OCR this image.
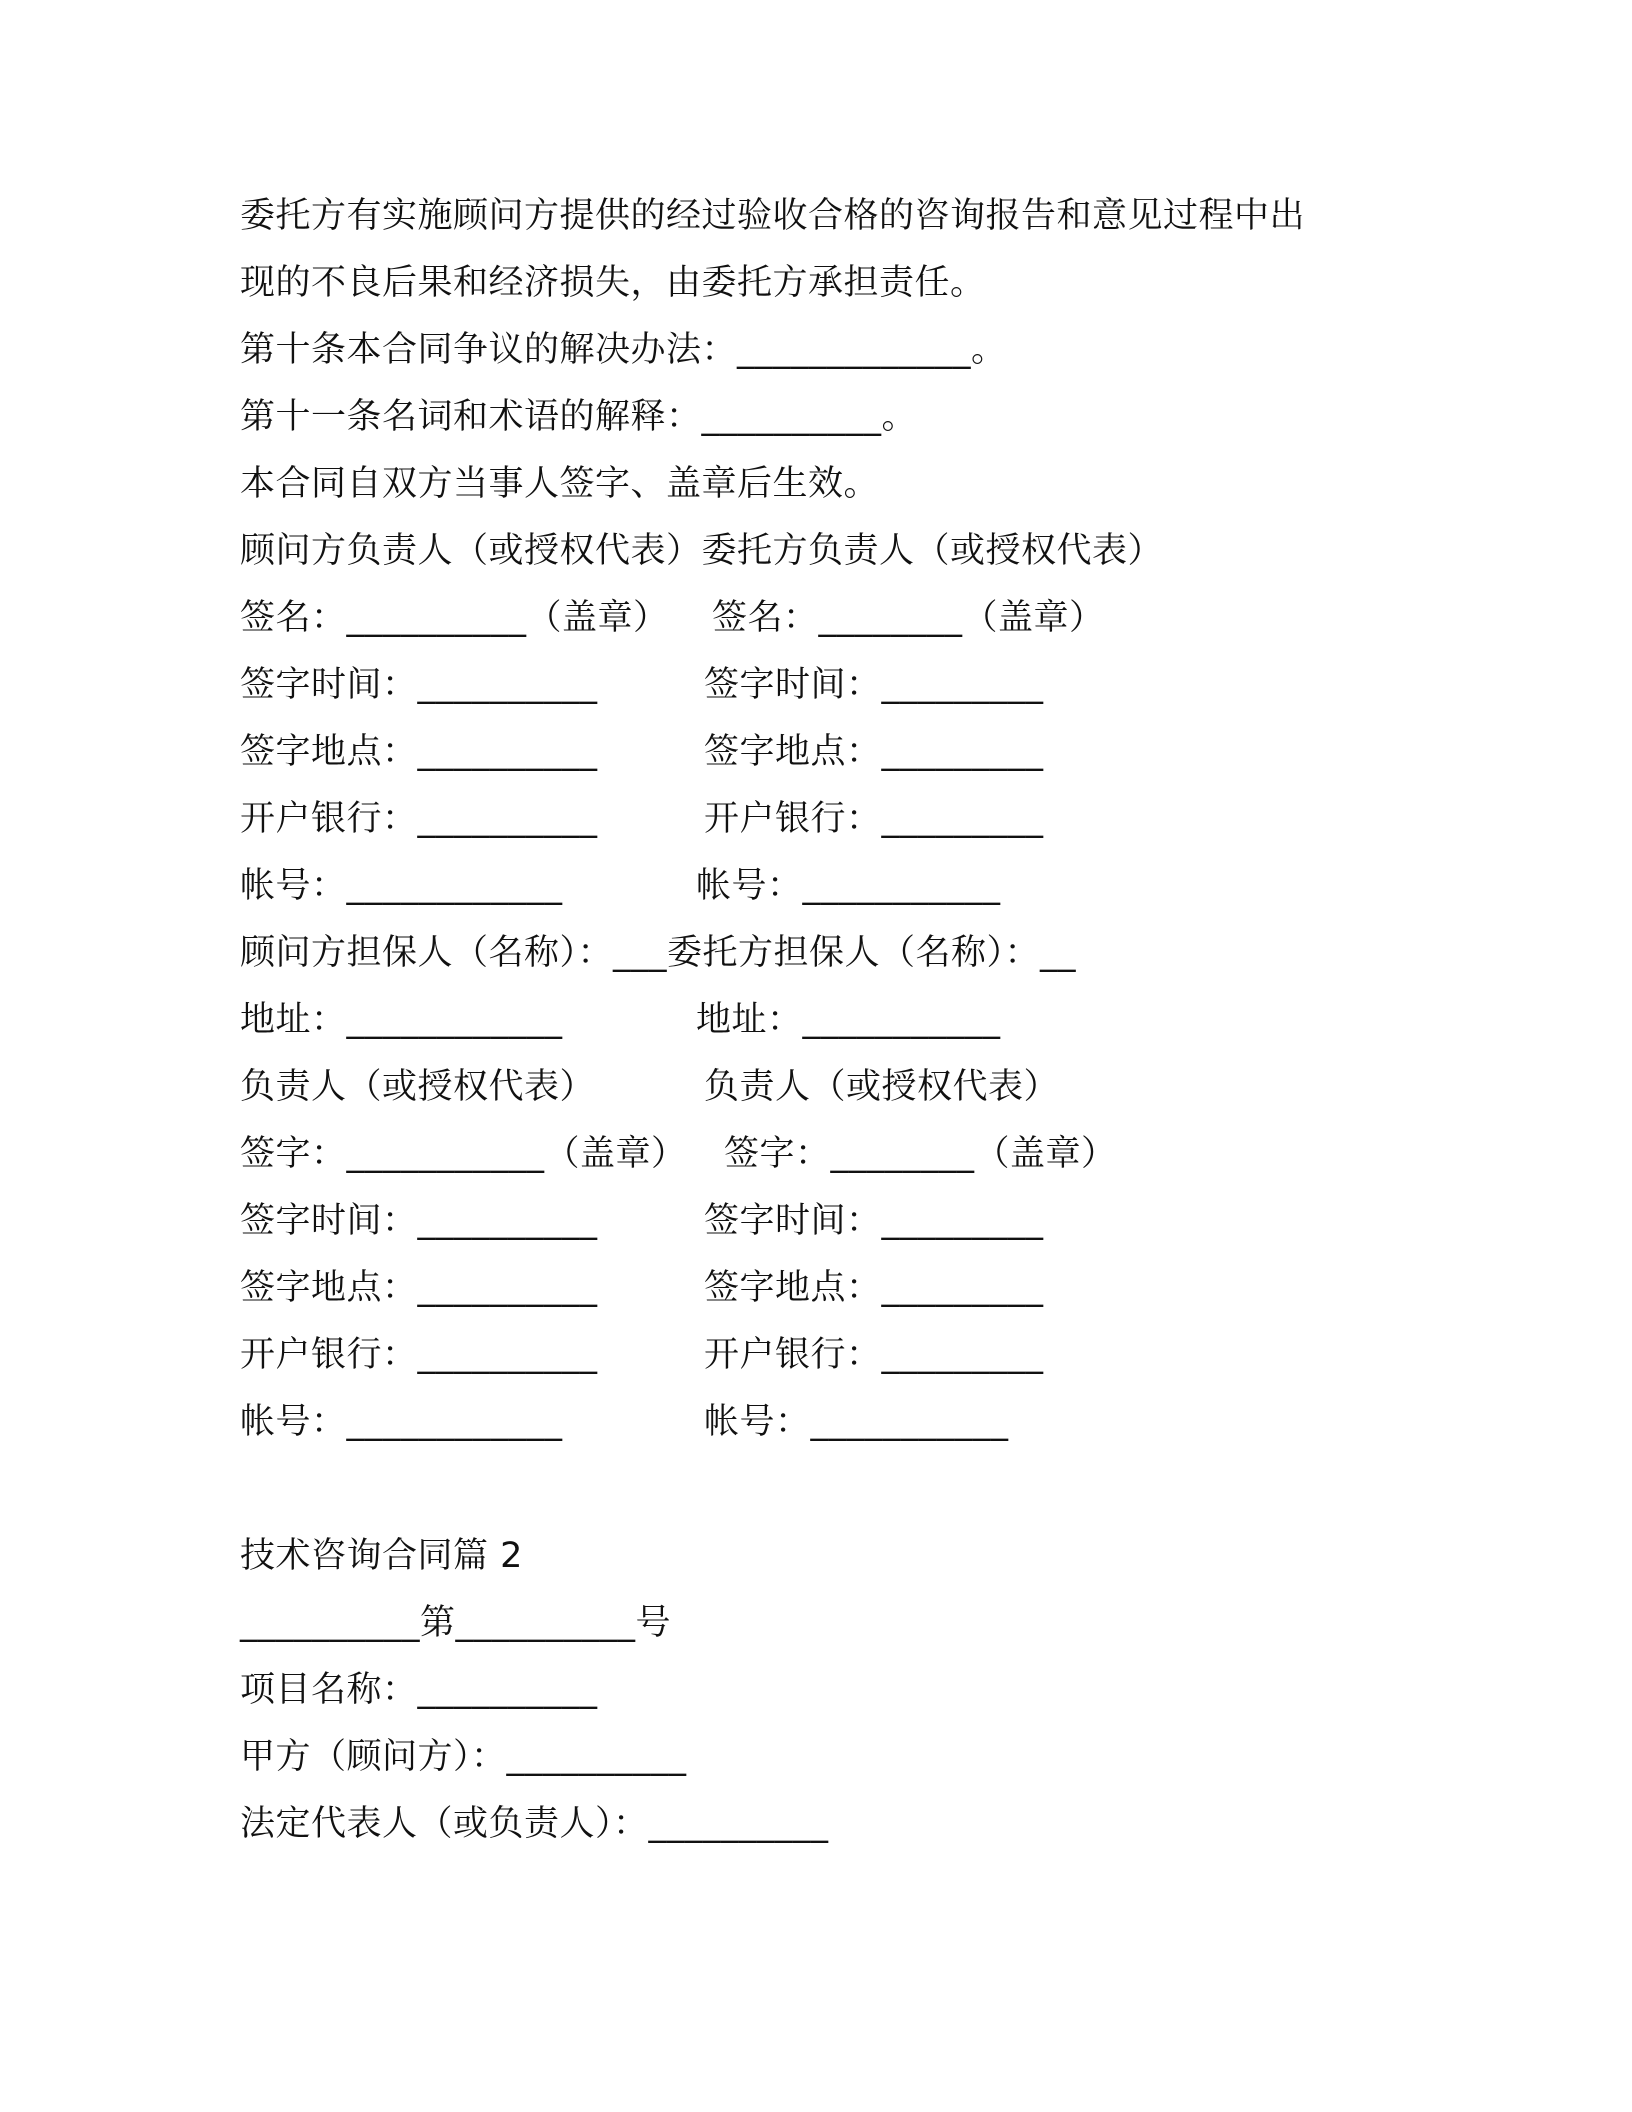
委托方有实施顾问方提供的经过验收合格的咨询报告和意见过程中出
现的不良后果和经济损失，由委托方承担责任。
第十条本合同争议的解决办法：_____________。
第十一条名词和术语的解释：__________。
本合同自双方当事人签字、盖章后生效。
顾问方负责人（或授权代表）委托方负责人（或授权代表）
签名：__________（盖章） 签名：________（盖章）
签字时间：__________	签字时间：_________
签字地点：__________	签字地点：_________
开户银行：__________	开户银行：_________
帐号：____________	帐号：___________
顾问方担保人（名称）：___委托方担保人（名称）：__
地址：____________	地址：___________
负责人（或授权代表）	负责人（或授权代表）
签字：___________（盖章） 签字：________（盖章）
签字时间：__________	签字时间：_________
签字地点：__________	签字地点：_________
开户银行：__________	开户银行：_________
帐号：____________	帐号：___________
技术咨询合同篇 2
__________第__________号
项目名称：__________
甲方（顾问方）：__________
法定代表人（或负责人）：__________
